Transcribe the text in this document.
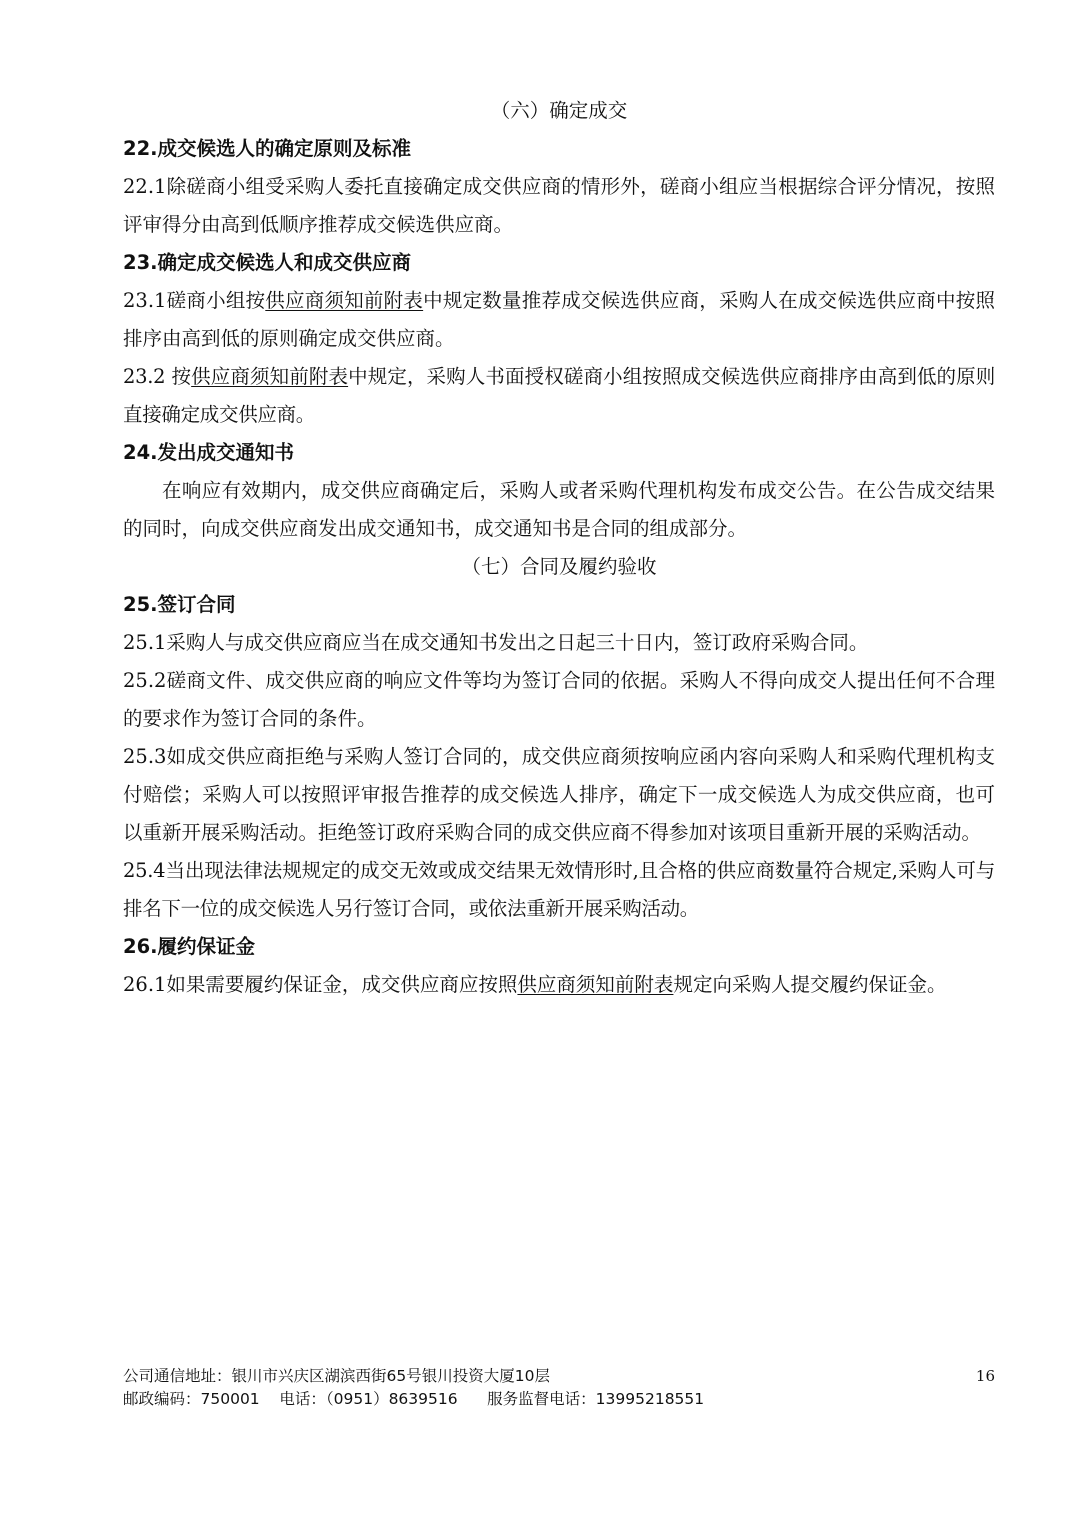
（六）确定成交
22.成交候选人的确定原则及标准
22.1除磋商小组受采购人委托直接确定成交供应商的情形外，磋商小组应当根据综合评分情况，按照评审得分由高到低顺序推荐成交候选供应商。
23.确定成交候选人和成交供应商
23.1磋商小组按供应商须知前附表中规定数量推荐成交候选供应商，采购人在成交候选供应商中按照排序由高到低的原则确定成交供应商。
23.2 按供应商须知前附表中规定，采购人书面授权磋商小组按照成交候选供应商排序由高到低的原则直接确定成交供应商。
24.发出成交通知书
在响应有效期内，成交供应商确定后，采购人或者采购代理机构发布成交公告。在公告成交结果的同时，向成交供应商发出成交通知书，成交通知书是合同的组成部分。
（七）合同及履约验收
25.签订合同
25.1采购人与成交供应商应当在成交通知书发出之日起三十日内，签订政府采购合同。
25.2磋商文件、成交供应商的响应文件等均为签订合同的依据。采购人不得向成交人提出任何不合理的要求作为签订合同的条件。
25.3如成交供应商拒绝与采购人签订合同的，成交供应商须按响应函内容向采购人和采购代理机构支付赔偿；采购人可以按照评审报告推荐的成交候选人排序，确定下一成交候选人为成交供应商，也可以重新开展采购活动。拒绝签订政府采购合同的成交供应商不得参加对该项目重新开展的采购活动。
25.4当出现法律法规规定的成交无效或成交结果无效情形时,且合格的供应商数量符合规定,采购人可与排名下一位的成交候选人另行签订合同，或依法重新开展采购活动。
26.履约保证金
26.1如果需要履约保证金，成交供应商应按照供应商须知前附表规定向采购人提交履约保证金。
公司通信地址：银川市兴庆区湖滨西街65号银川投资大厦10层
邮政编码：750001    电话：（0951）8639516      服务监督电话：13995218551
16
